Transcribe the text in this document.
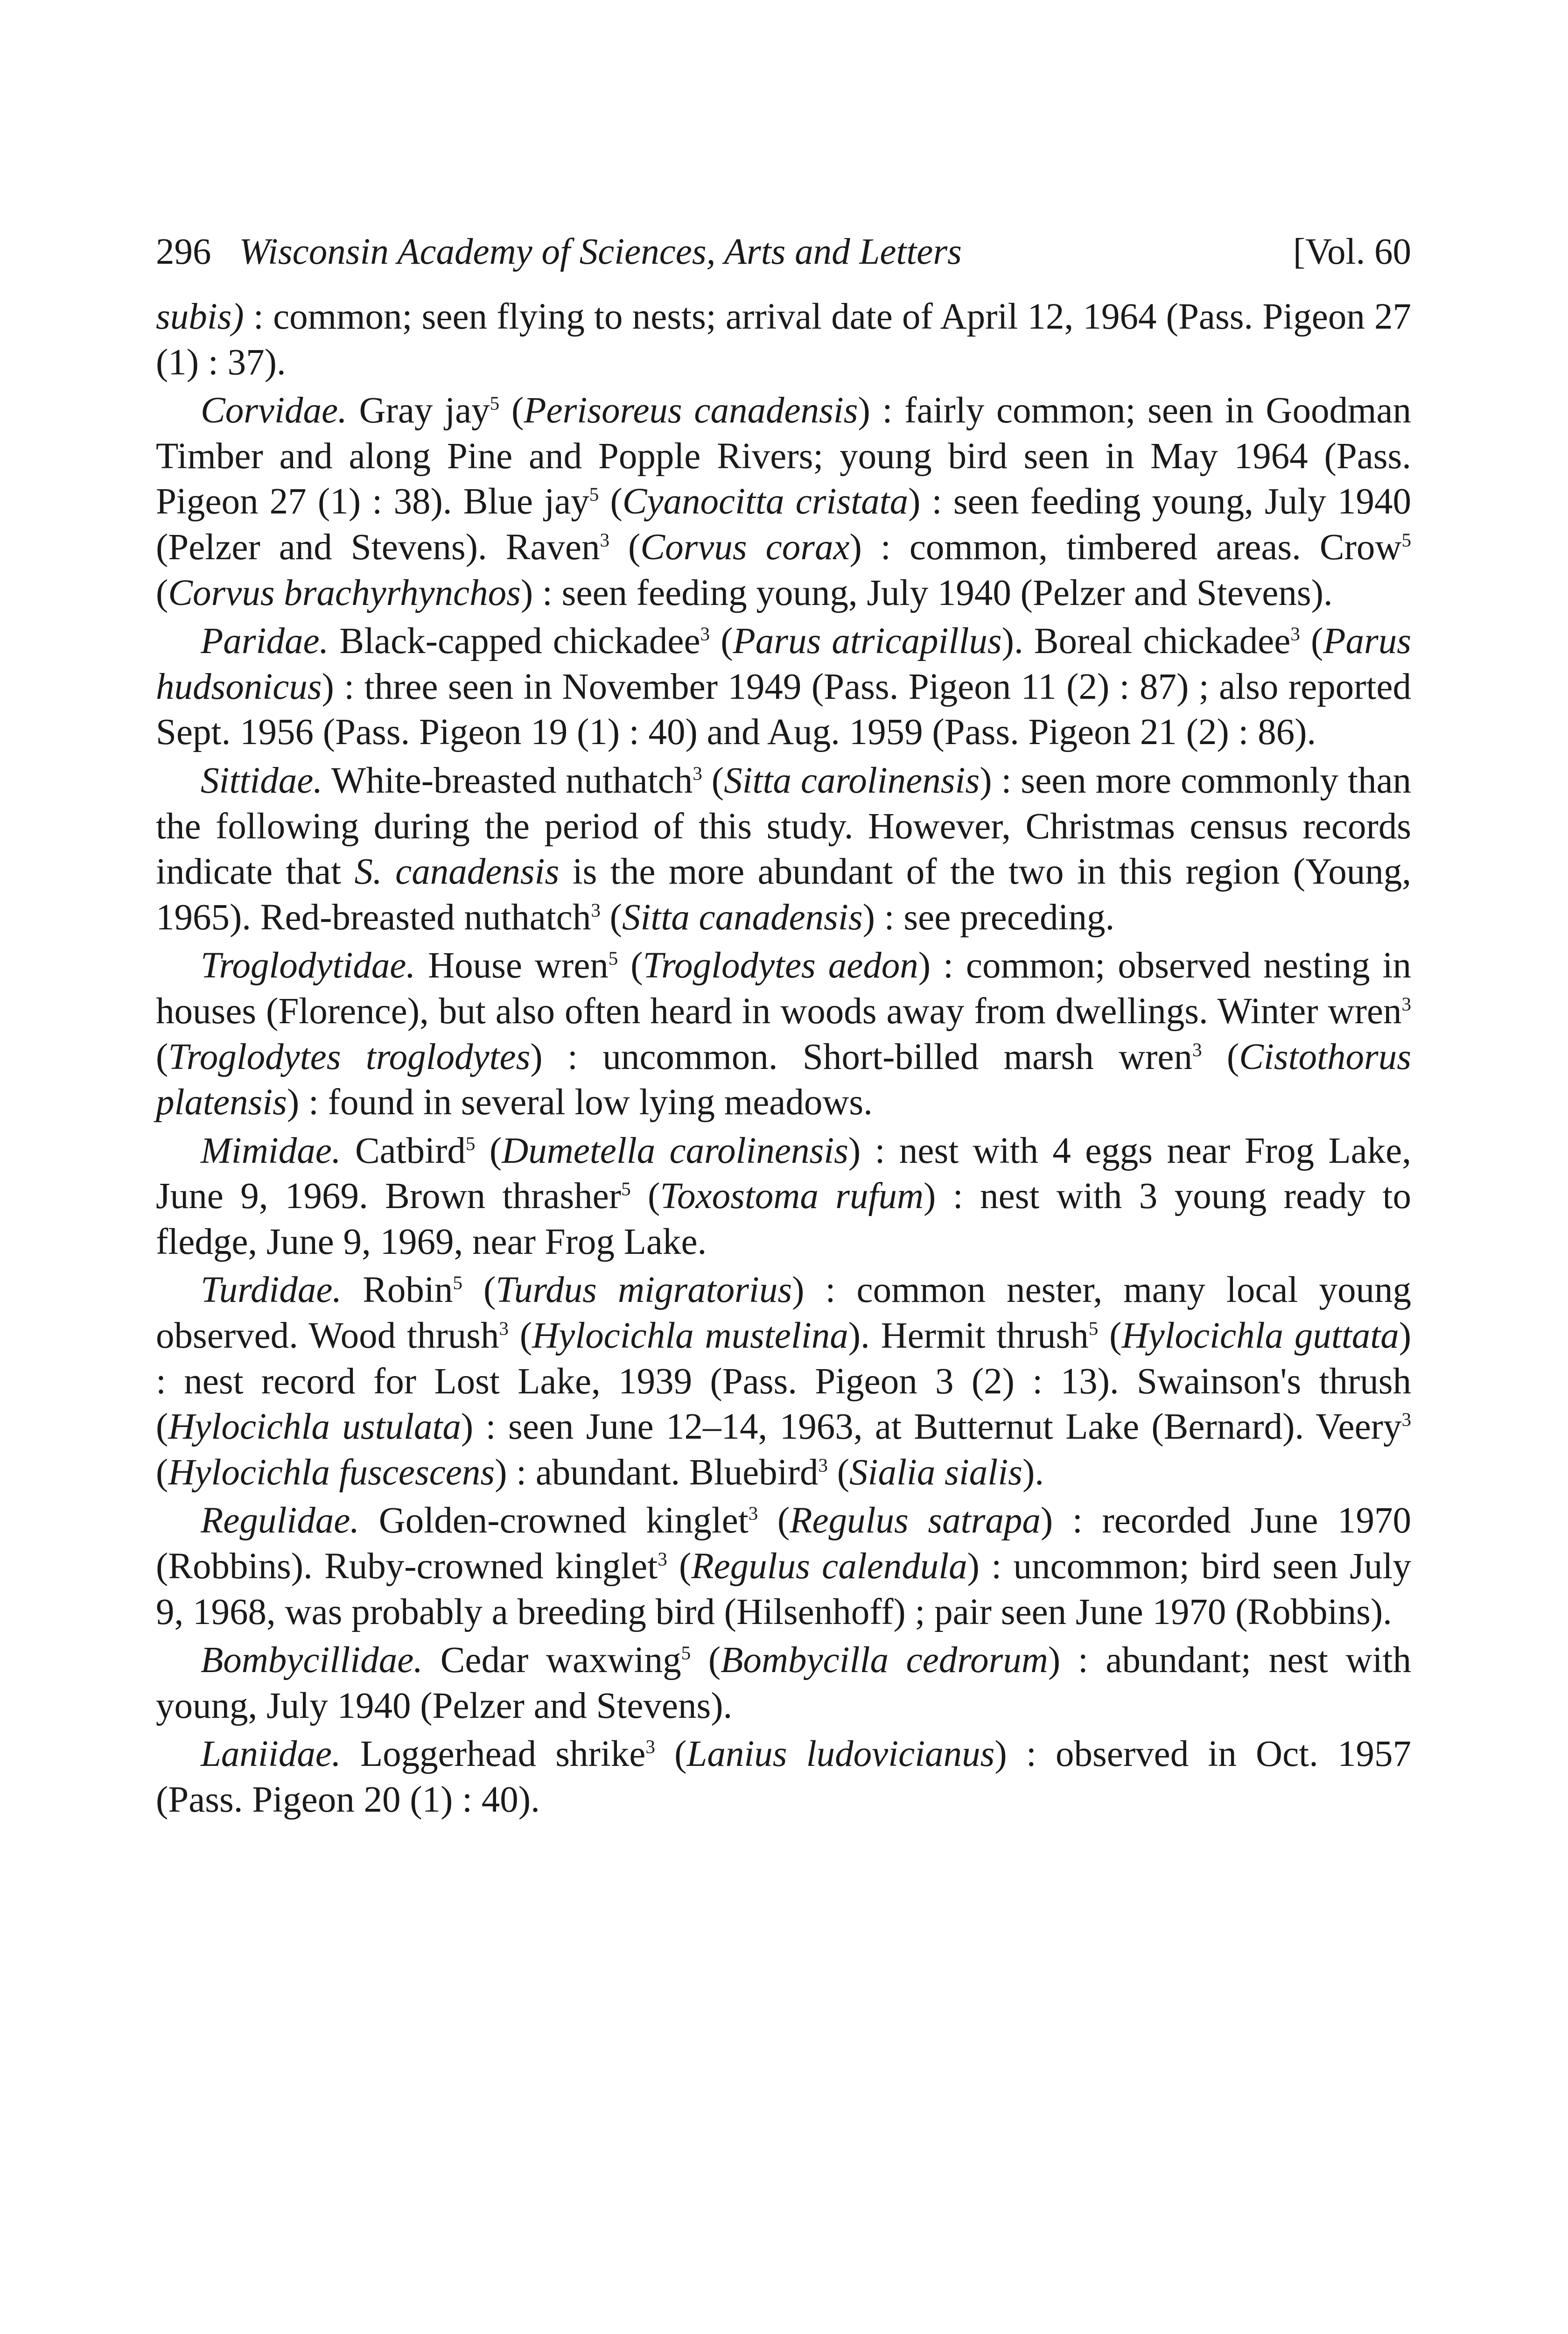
296 Wisconsin Academy of Sciences, Arts and Letters	[Vol. 60

subis) : common; seen flying to nests; arrival date of April 12, 1964 (Pass. Pigeon 27 (1) : 37).

Corvidae. Gray jay$^5$ (Perisoreus canadensis) : fairly common; seen in Goodman Timber and along Pine and Popple Rivers; young bird seen in May 1964 (Pass. Pigeon 27 (1) : 38). Blue jay$^5$ (Cyanocitta cristata) : seen feeding young, July 1940 (Pelzer and Stevens). Raven$^3$ (Corvus corax) : common, timbered areas. Crow$^5$ (Corvus brachyrhynchos) : seen feeding young, July 1940 (Pelzer and Stevens).

Paridae. Black-capped chickadee$^3$ (Parus atricapillus). Boreal chickadee$^3$ (Parus hudsonicus) : three seen in November 1949 (Pass. Pigeon 11 (2) : 87) ; also reported Sept. 1956 (Pass. Pigeon 19 (1) : 40) and Aug. 1959 (Pass. Pigeon 21 (2) : 86).

Sittidae. White-breasted nuthatch$^3$ (Sitta carolinensis) : seen more commonly than the following during the period of this study. However, Christmas census records indicate that S. canadensis is the more abundant of the two in this region (Young, 1965). Red-breasted nuthatch$^3$ (Sitta canadensis) : see preceding.

Troglodytidae. House wren$^5$ (Troglodytes aedon) : common; observed nesting in houses (Florence), but also often heard in woods away from dwellings. Winter wren$^3$ (Troglodytes troglodytes) : uncommon. Short-billed marsh wren$^3$ (Cistothorus platensis) : found in several low lying meadows.

Mimidae. Catbird$^5$ (Dumetella carolinensis) : nest with 4 eggs near Frog Lake, June 9, 1969. Brown thrasher$^5$ (Toxostoma rufum) : nest with 3 young ready to fledge, June 9, 1969, near Frog Lake.

Turdidae. Robin$^5$ (Turdus migratorius) : common nester, many local young observed. Wood thrush$^3$ (Hylocichla mustelina). Hermit thrush$^5$ (Hylocichla guttata) : nest record for Lost Lake, 1939 (Pass. Pigeon 3 (2) : 13). Swainson's thrush (Hylocichla ustulata) : seen June 12–14, 1963, at Butternut Lake (Bernard). Veery$^3$ (Hylocichla fuscescens) : abundant. Bluebird$^3$ (Sialia sialis).

Regulidae. Golden-crowned kinglet$^3$ (Regulus satrapa) : recorded June 1970 (Robbins). Ruby-crowned kinglet$^3$ (Regulus calendula) : uncommon; bird seen July 9, 1968, was probably a breeding bird (Hilsenhoff) ; pair seen June 1970 (Robbins).

Bombycillidae. Cedar waxwing$^5$ (Bombycilla cedrorum) : abundant; nest with young, July 1940 (Pelzer and Stevens).

Laniidae. Loggerhead shrike$^3$ (Lanius ludovicianus) : observed in Oct. 1957 (Pass. Pigeon 20 (1) : 40).
